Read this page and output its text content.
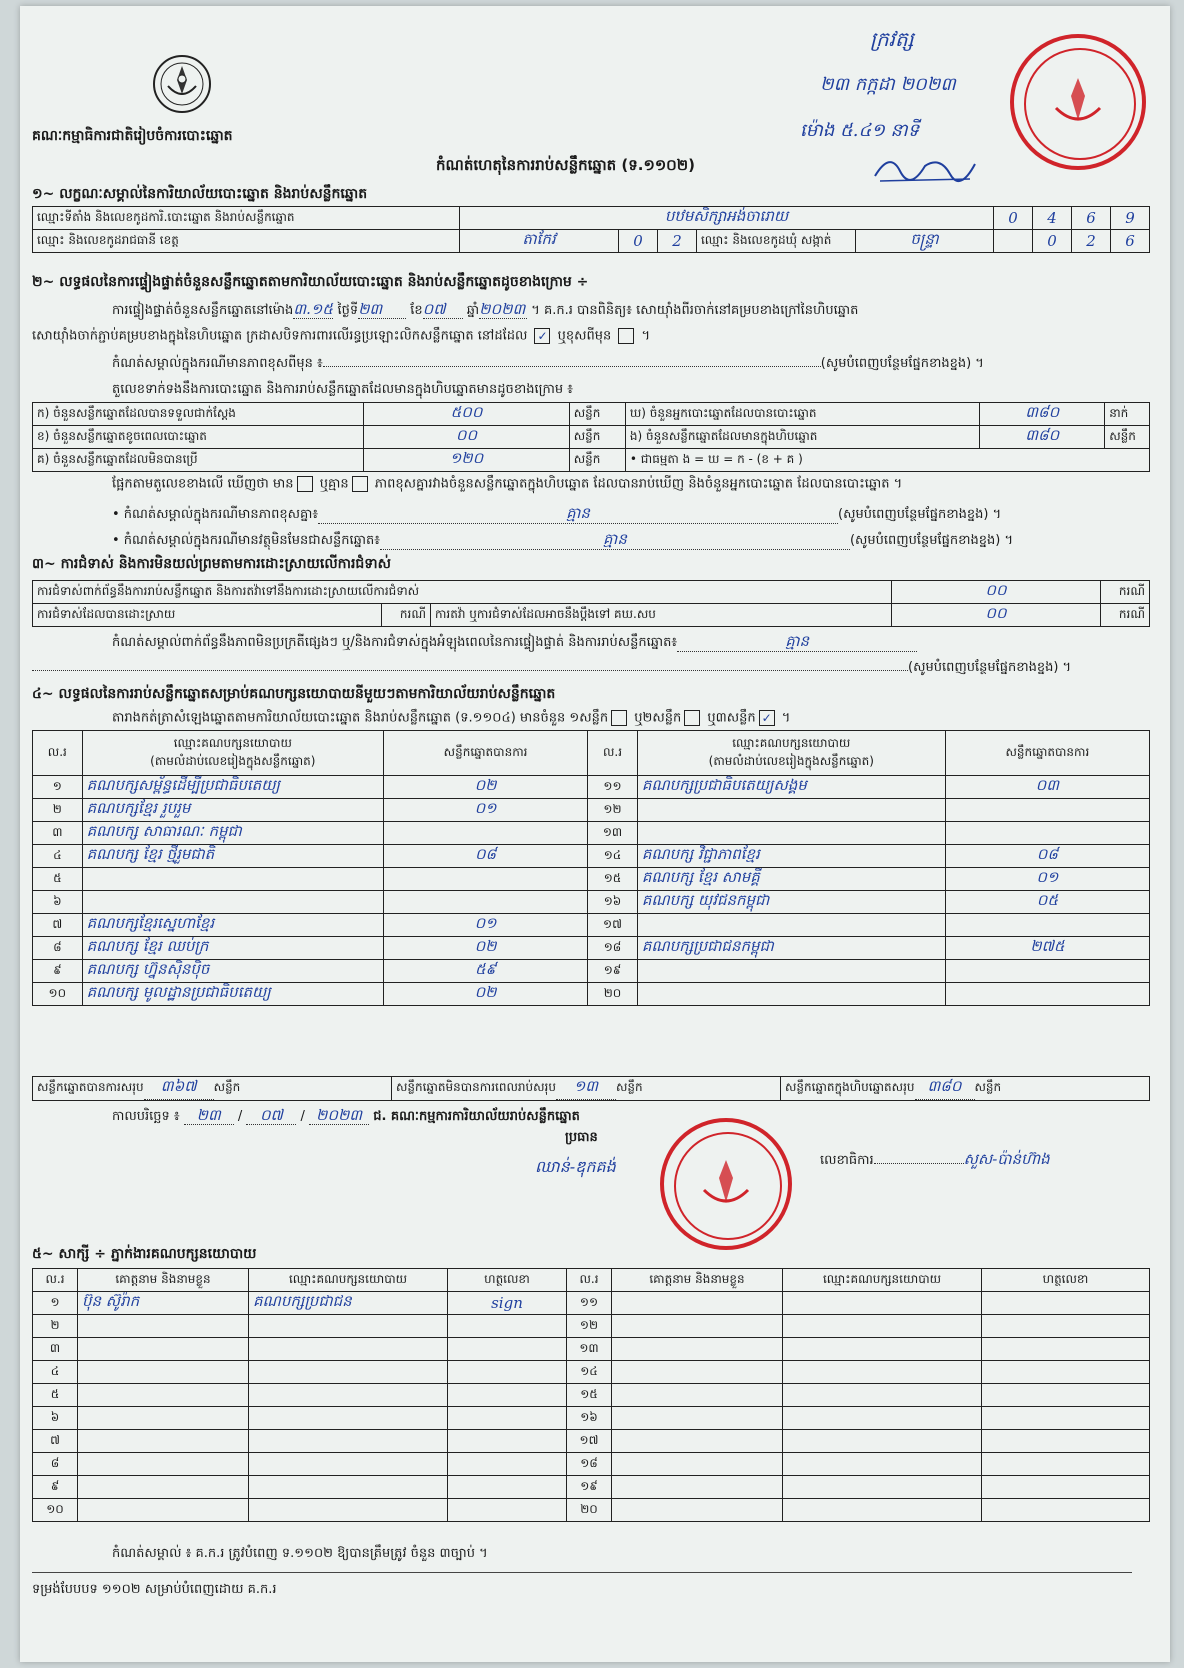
គណៈកម្មាធិការជាតិរៀបចំការបោះឆ្នោត
កំណត់ហេតុនៃការរាប់សន្លឹកឆ្នោត (ទ.១១០២)
ក្រវត្ស
២៣ កក្កដា ២០២៣
ម៉ោង ៥.៤១ នាទី
១~ លក្ខណៈសម្គាល់នៃការិយាល័យបោះឆ្នោត និងរាប់សន្លឹកឆ្នោត
ឈ្មោះទីតាំង និងលេខកូដការិ.បោះឆ្នោត និងរាប់សន្លឹកឆ្នោត	បឋមសិក្សាអង់ចារោយ					0	4	6	9
ឈ្មោះ និងលេខកូដរាជធានី ខេត្ត	តាកែវ	0	2	ឈ្មោះ និងលេខកូដឃុំ សង្កាត់	ចន្ទ្រា		0	2	6
២~ លទ្ធផលនៃការផ្ទៀងផ្ទាត់ចំនួនសន្លឹកឆ្នោតតាមការិយាល័យបោះឆ្នោត និងរាប់សន្លឹកឆ្នោតដូចខាងក្រោម ÷
ការផ្ទៀងផ្ទាត់ចំនួនសន្លឹកឆ្នោតនៅម៉ោង៣.១៥ ថ្ងៃទី២៣ ខែ០៧ ឆ្នាំ២០២៣ ។ គ.ក.រ បានពិនិត្យ៖ សោយ៉ាំងពីរចាក់នៅគម្របខាងក្រៅនៃហិបឆ្នោត
សោយ៉ាំងចាក់ភ្ជាប់គម្របខាងក្នុងនៃហិបឆ្នោត ក្រដាសបិទការពារលើរន្ធប្រឡោះលិកសន្លឹកឆ្នោត នៅដដែល ✓ ឬខុសពីមុន  ។
កំណត់សម្គាល់ក្នុងករណីមានភាពខុសពីមុន ៖	(សូមបំពេញបន្ថែមផ្នែកខាងខ្នង) ។
តួលេខទាក់ទងនឹងការបោះឆ្នោត និងការរាប់សន្លឹកឆ្នោតដែលមានក្នុងហិបឆ្នោតមានដូចខាងក្រោម ៖
ក) ចំនួនសន្លឹកឆ្នោតដែលបានទទួលជាក់ស្តែង	៥០០	សន្លឹក	ឃ) ចំនួនអ្នកបោះឆ្នោតដែលបានបោះឆ្នោត	៣៨០	នាក់
ខ) ចំនួនសន្លឹកឆ្នោតខូចពេលបោះឆ្នោត	០០	សន្លឹក	ង) ចំនួនសន្លឹកឆ្នោតដែលមានក្នុងហិបឆ្នោត	៣៨០	សន្លឹក
គ) ចំនួនសន្លឹកឆ្នោតដែលមិនបានប្រើ	១២០	សន្លឹក	• ជាធម្មតា ង = ឃ = ក - (ខ + គ )		
ផ្អែកតាមតួលេខខាងលើ ឃើញថា មាន ឬគ្មាន ភាពខុសគ្នារវាងចំនួនសន្លឹកឆ្នោតក្នុងហិបឆ្នោត ដែលបានរាប់ឃើញ និងចំនួនអ្នកបោះឆ្នោត ដែលបានបោះឆ្នោត ។
• កំណត់សម្គាល់ក្នុងករណីមានភាពខុសគ្នា៖	គ្មាន	(សូមបំពេញបន្ថែមផ្នែកខាងខ្នង) ។
• កំណត់សម្គាល់ក្នុងករណីមានវត្ថុមិនមែនជាសន្លឹកឆ្នោត៖	គ្មាន	(សូមបំពេញបន្ថែមផ្នែកខាងខ្នង) ។
៣~ ការជំទាស់ និងការមិនយល់ព្រមតាមការដោះស្រាយលើការជំទាស់
ការជំទាស់ពាក់ព័ន្ធនឹងការរាប់សន្លឹកឆ្នោត និងការតវ៉ាទៅនឹងការដោះស្រាយលើការជំទាស់			០០	ករណី
ការជំទាស់ដែលបានដោះស្រាយ	ករណី	ការតវ៉ា ឬការជំទាស់ដែលអាចនឹងប្តឹងទៅ គឃ.សប	០០	ករណី
កំណត់សម្គាល់ពាក់ព័ន្ធនឹងភាពមិនប្រក្រតីផ្សេងៗ ឬ/និងការជំទាស់ក្នុងអំឡុងពេលនៃការផ្ទៀងផ្ទាត់ និងការរាប់សន្លឹកឆ្នោត៖	គ្មាន
(សូមបំពេញបន្ថែមផ្នែកខាងខ្នង) ។
៤~ លទ្ធផលនៃការរាប់សន្លឹកឆ្នោតសម្រាប់គណបក្សនយោបាយនីមួយៗតាមការិយាល័យរាប់សន្លឹកឆ្នោត
តារាងកត់ត្រាសំឡេងឆ្នោតតាមការិយាល័យបោះឆ្នោត និងរាប់សន្លឹកឆ្នោត (ទ.១១០៤) មានចំនួន ១សន្លឹក ឬ២សន្លឹក ឬ៣សន្លឹក ✓ ។
ល.រ	ឈ្មោះគណបក្សនយោបាយ
(តាមលំដាប់លេខរៀងក្នុងសន្លឹកឆ្នោត)	សន្លឹកឆ្នោតបានការ	ល.រ	ឈ្មោះគណបក្សនយោបាយ
(តាមលំដាប់លេខរៀងក្នុងសន្លឹកឆ្នោត)	សន្លឹកឆ្នោតបានការ
១	គណបក្សសម្ព័ន្ធដើម្បីប្រជាធិបតេយ្យ	០២	១១	គណបក្សប្រជាធិបតេយ្យសង្គម	០៣
២	គណបក្សខ្មែរ រួបរួម	០១	១២		
៣	គណបក្ស សាធារណៈ កម្ពុជា		១៣		
៤	គណបក្ស ខ្មែរ ថ្មីរួមជាតិ	០៨	១៤	គណបក្ស វិជ្ជាភាពខ្មែរ	០៨
៥			១៥	គណបក្ស ខ្មែរ សាមគ្គី	០១
៦			១៦	គណបក្ស យុវជនកម្ពុជា	០៥
៧	គណបក្សខ្មែរស្នេហាខ្មែរ	០១	១៧		
៨	គណបក្ស ខ្មែរ ឈប់ក្រ	០២	១៨	គណបក្សប្រជាជនកម្ពុជា	២៧៥
៩	គណបក្ស ហ្វ៊ុនស៊ិនប៉ិច	៥៩	១៩		
១០	គណបក្ស មូលដ្ឋានប្រជាធិបតេយ្យ	០២	២០		
សន្លឹកឆ្នោតបានការសរុប ៣៦៧ សន្លឹក	សន្លឹកឆ្នោតមិនបានការពេលរាប់សរុប ១៣ សន្លឹក	សន្លឹកឆ្នោតក្នុងហិបឆ្នោតសរុប ៣៨០ សន្លឹក
កាលបរិច្ឆេទ ៖ ២៣ / ០៧ / ២០២៣ ជ. គណៈកម្មការការិយាល័យរាប់សន្លឹកឆ្នោត
ប្រធាន
ឈាន់-ឌុកគង់	លេខាធិការ	សួស-ប៉ាន់ហ៊ាង
៥~ សាក្សី ÷ ភ្នាក់ងារគណបក្សនយោបាយ
ល.រ	គោត្តនាម និងនាមខ្លួន	ឈ្មោះគណបក្សនយោបាយ	ហត្ថលេខា	ល.រ	គោត្តនាម និងនាមខ្លួន	ឈ្មោះគណបក្សនយោបាយ	ហត្ថលេខា
១	ប៊ុន ស៊ូរ៉ាក	គណបក្សប្រជាជន	sign	១១			
២				១២			
៣				១៣			
៤				១៤			
៥				១៥			
៦				១៦			
៧				១៧			
៨				១៨			
៩				១៩			
១០				២០			
កំណត់សម្គាល់ ៖ គ.ក.រ ត្រូវបំពេញ ទ.១១០២ ឱ្យបានត្រឹមត្រូវ ចំនួន ៣ច្បាប់ ។
ទម្រង់បែបបទ ១១០២ សម្រាប់បំពេញដោយ គ.ក.រ
